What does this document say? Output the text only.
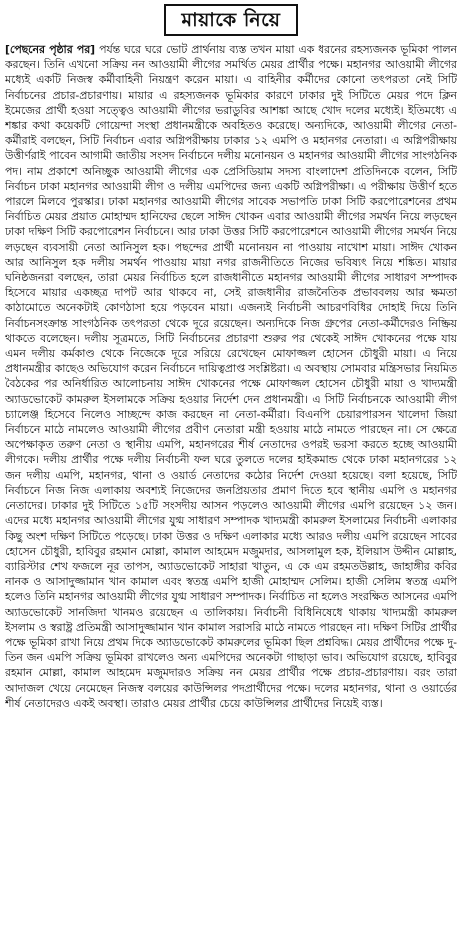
মায়াকে নিয়ে

[পেছনের পৃষ্ঠার পর] পর্যন্ত ঘরে ঘরে ভোট প্রার্থনায় ব্যস্ত তখন মায়া এক ধরনের রহস্যজনক ভূমিকা পালন করছেন। তিনি এখনো সক্রিয় নন আওয়ামী লীগের সমর্থিত মেয়র প্রার্থীর পক্ষে। মহানগর আওয়ামী লীগের মধ্যেই একটি নিজস্ব কর্মীবাহিনী নিয়ন্ত্রণ করেন মায়া। এ বাহিনীর কর্মীদের কোনো তৎপরতা নেই সিটি নির্বাচনের প্রচার-প্রচারণায়। মায়ার এ রহস্যজনক ভূমিকার কারণে ঢাকার দুই সিটিতে মেয়র পদে ক্লিন ইমেজের প্রার্থী হওয়া সত্ত্বেও আওয়ামী লীগের ভরাডুবির আশঙ্কা আছে খোদ দলের মধ্যেই। ইতিমধ্যে এ শঙ্কার কথা কয়েকটি গোয়েন্দা সংস্থা প্রধানমন্ত্রীকে অবহিতও করেছে। অন্যদিকে, আওয়ামী লীগের নেতা-কর্মীরাই বলছেন, সিটি নির্বাচন এবার অগ্নিপরীক্ষায় ঢাকার ১২ এমপি ও মহানগর নেতারা। এ অগ্নিপরীক্ষায় উত্তীর্ণরাই পাবেন আগামী জাতীয় সংসদ নির্বাচনে দলীয় মনোনয়ন ও মহানগর আওয়ামী লীগের সাংগঠনিক পদ। নাম প্রকাশে অনিচ্ছুক আওয়ামী লীগের এক প্রেসিডিয়াম সদস্য বাংলাদেশ প্রতিদিনকে বলেন, সিটি নির্বাচন ঢাকা মহানগর আওয়ামী লীগ ও দলীয় এমপিদের জন্য একটি অগ্নিপরীক্ষা। এ পরীক্ষায় উত্তীর্ণ হতে পারলে মিলবে পুরস্কার। ঢাকা মহানগর আওয়ামী লীগের সাবেক সভাপতি ঢাকা সিটি করপোরেশনের প্রথম নির্বাচিত মেয়র প্রয়াত মোহাম্মদ হানিফের ছেলে সাঈদ খোকন এবার আওয়ামী লীগের সমর্থন নিয়ে লড়ছেন ঢাকা দক্ষিণ সিটি করপোরেশন নির্বাচনে। আর ঢাকা উত্তর সিটি করপোরেশনে আওয়ামী লীগের সমর্থন নিয়ে লড়ছেন ব্যবসায়ী নেতা আনিসুল হক। পছন্দের প্রার্থী মনোনয়ন না পাওয়ায় নাখোশ মায়া। সাঈদ খোকন আর আনিসুল হক দলীয় সমর্থন পাওয়ায় মায়া নগর রাজনীতিতে নিজের ভবিষ্যৎ নিয়ে শঙ্কিত। মায়ার ঘনিষ্ঠজনরা বলছেন, তারা মেয়র নির্বাচিত হলে রাজধানীতে মহানগর আওয়ামী লীগের সাধারণ সম্পাদক হিসেবে মায়ার একচ্ছত্র দাপট আর থাকবে না, সেই রাজধানীর রাজনৈতিক প্রভাববলয় আর ক্ষমতা কাঠামোতে অনেকটাই কোণঠাসা হয়ে পড়বেন মায়া। এজন্যই নির্বাচনী আচরণবিধির দোহাই দিয়ে তিনি নির্বাচনসংক্রান্ত সাংগঠনিক তৎপরতা থেকে দূরে রয়েছেন। অন্যদিকে নিজ গ্রুপের নেতা-কর্মীদেরও নিষ্ক্রিয় থাকতে বলেছেন। দলীয় সূত্রমতে, সিটি নির্বাচনের প্রচারণা শুরুর পর থেকেই সাঈদ খোকনের পক্ষে যায় এমন দলীয় কর্মকাণ্ড থেকে নিজেকে দূরে সরিয়ে রেখেছেন মোফাজ্জল হোসেন চৌধুরী মায়া। এ নিয়ে প্রধানমন্ত্রীর কাছেও অভিযোগ করেন নির্বাচনে দায়িত্বপ্রাপ্ত সংশ্লিষ্টরা। এ অবস্থায় সোমবার মন্ত্রিসভার নিয়মিত বৈঠকের পর অনির্ধারিত আলোচনায় সাঈদ খোকনের পক্ষে মোফাজ্জল হোসেন চৌধুরী মায়া ও খাদ্যমন্ত্রী অ্যাডভোকেট কামরুল ইসলামকে সক্রিয় হওয়ার নির্দেশ দেন প্রধানমন্ত্রী। এ সিটি নির্বাচনকে আওয়ামী লীগ চ্যালেঞ্জ হিসেবে নিলেও সাচ্ছন্দে কাজ করছেন না নেতা-কর্মীরা। বিএনপি চেয়ারপারসন খালেদা জিয়া নির্বাচনে মাঠে নামলেও আওয়ামী লীগের প্রবীণ নেতারা মন্ত্রী হওয়ায় মাঠে নামতে পারছেন না। সে ক্ষেত্রে অপেক্ষাকৃত তরুণ নেতা ও স্থানীয় এমপি, মহানগরের শীর্ষ নেতাদের ওপরই ভরসা করতে হচ্ছে আওয়ামী লীগকে। দলীয় প্রার্থীর পক্ষে দলীয় নির্বাচনী ফল ঘরে তুলতে দলের হাইকমান্ড থেকে ঢাকা মহানগরের ১২ জন দলীয় এমপি, মহানগর, থানা ও ওয়ার্ড নেতাদের কঠোর নির্দেশ দেওয়া হয়েছে। বলা হয়েছে, সিটি নির্বাচনে নিজ নিজ এলাকায় অবশ্যই নিজেদের জনপ্রিয়তার প্রমাণ দিতে হবে স্থানীয় এমপি ও মহানগর নেতাদের। ঢাকার দুই সিটিতে ১৫টি সংসদীয় আসন পড়লেও আওয়ামী লীগের এমপি রয়েছেন ১২ জন। এদের মধ্যে মহানগর আওয়ামী লীগের যুগ্ম সাধারণ সম্পাদক খাদ্যমন্ত্রী কামরুল ইসলামের নির্বাচনী এলাকার কিছু অংশ দক্ষিণ সিটিতে পড়েছে। ঢাকা উত্তর ও দক্ষিণ এলাকার মধ্যে আরও দলীয় এমপি রয়েছেন সাবের হোসেন চৌধুরী, হাবিবুর রহমান মোল্লা, কামাল আহমেদ মজুমদার, আসলামুল হক, ইলিয়াস উদ্দীন মোল্লাহ, ব্যারিস্টার শেখ ফজলে নূর তাপস, অ্যাডভোকেট সাহারা খাতুন, এ কে এম রহমতউল্লাহ, জাহাঙ্গীর কবির নানক ও আসাদুজ্জামান খান কামাল এবং স্বতন্ত্র এমপি হাজী মোহাম্মদ সেলিম। হাজী সেলিম স্বতন্ত্র এমপি হলেও তিনি মহানগর আওয়ামী লীগের যুগ্ম সাধারণ সম্পাদক। নির্বাচিত না হলেও সংরক্ষিত আসনের এমপি অ্যাডভোকেট সানজিদা খানমও রয়েছেন এ তালিকায়। নির্বাচনী বিধিনিষেধে থাকায় খাদ্যমন্ত্রী কামরুল ইসলাম ও স্বরাষ্ট্র প্রতিমন্ত্রী আসাদুজ্জামান খান কামাল সরাসরি মাঠে নামতে পারছেন না। দক্ষিণ সিটির প্রার্থীর পক্ষে ভূমিকা রাখা নিয়ে প্রথম দিকে অ্যাডভোকেট কামরুলের ভূমিকা ছিল প্রশ্নবিদ্ধ। মেয়র প্রার্থীদের পক্ষে দু-তিন জন এমপি সক্রিয় ভূমিকা রাখলেও অন্য এমপিদের অনেকটা গাছাড়া ভাব। অভিযোগ রয়েছে, হাবিবুর রহমান মোল্লা, কামাল আহমেদ মজুমদারও সক্রিয় নন মেয়র প্রার্থীর পক্ষে প্রচার-প্রচারণায়। বরং তারা আদাজল খেয়ে নেমেছেন নিজস্ব বলয়ের কাউন্সিলর পদপ্রার্থীদের পক্ষে। দলের মহানগর, থানা ও ওয়ার্ডের শীর্ষ নেতাদেরও একই অবস্থা। তারাও মেয়র প্রার্থীর চেয়ে কাউন্সিলর প্রার্থীদের নিয়েই ব্যস্ত।
